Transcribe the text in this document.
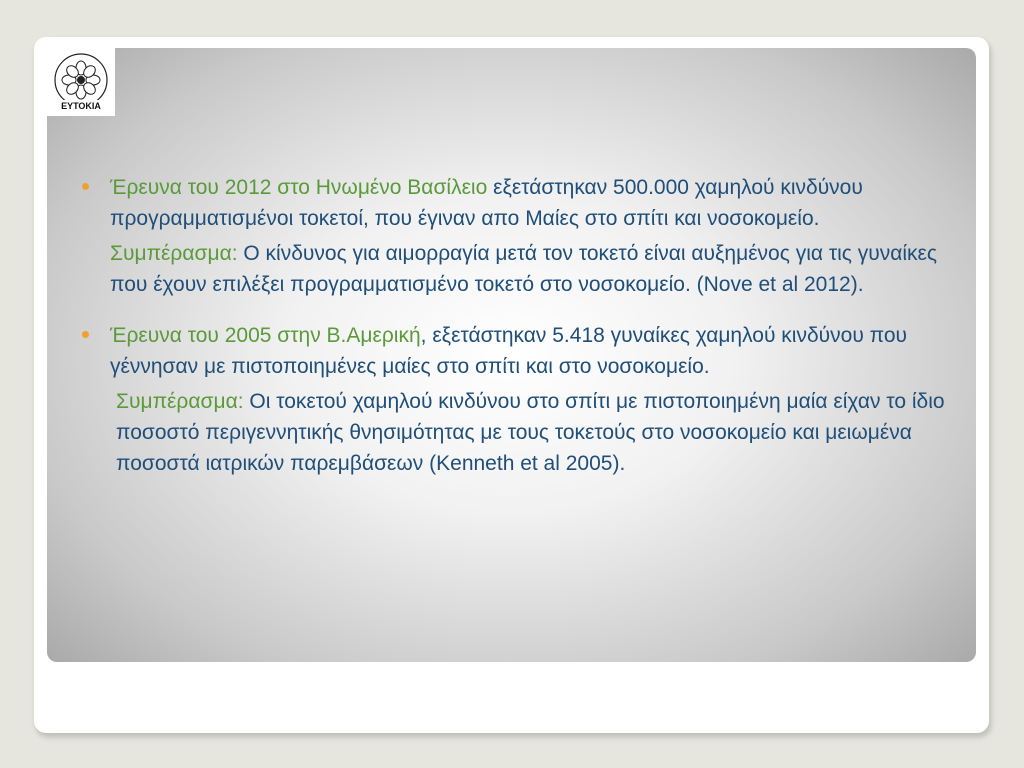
ΕΥΤΟΚΙΑ
Έρευνα του 2012 στο Ηνωμένο Βασίλειο εξετάστηκαν 500.000 χαμηλού κινδύνου προγραμματισμένοι τοκετοί, που έγιναν απο Μαίες στο σπίτι και νοσοκομείο.
Συμπέρασμα: Ο κίνδυνος για αιμορραγία μετά τον τοκετό είναι αυξημένος για τις γυναίκες που έχουν επιλέξει προγραμματισμένο τοκετό στο νοσοκομείο. (Nove et al 2012).
Έρευνα του 2005 στην Β.Αμερική, εξετάστηκαν 5.418 γυναίκες χαμηλού κινδύνου που γέννησαν με πιστοποιημένες μαίες στο σπίτι και στο νοσοκομείο.
Συμπέρασμα: Οι τοκετού χαμηλού κινδύνου στο σπίτι με πιστοποιημένη μαία είχαν το ίδιο ποσοστό περιγεννητικής θνησιμότητας με τους τοκετούς στο νοσοκομείο και μειωμένα ποσοστά ιατρικών παρεμβάσεων (Kenneth et al 2005).
